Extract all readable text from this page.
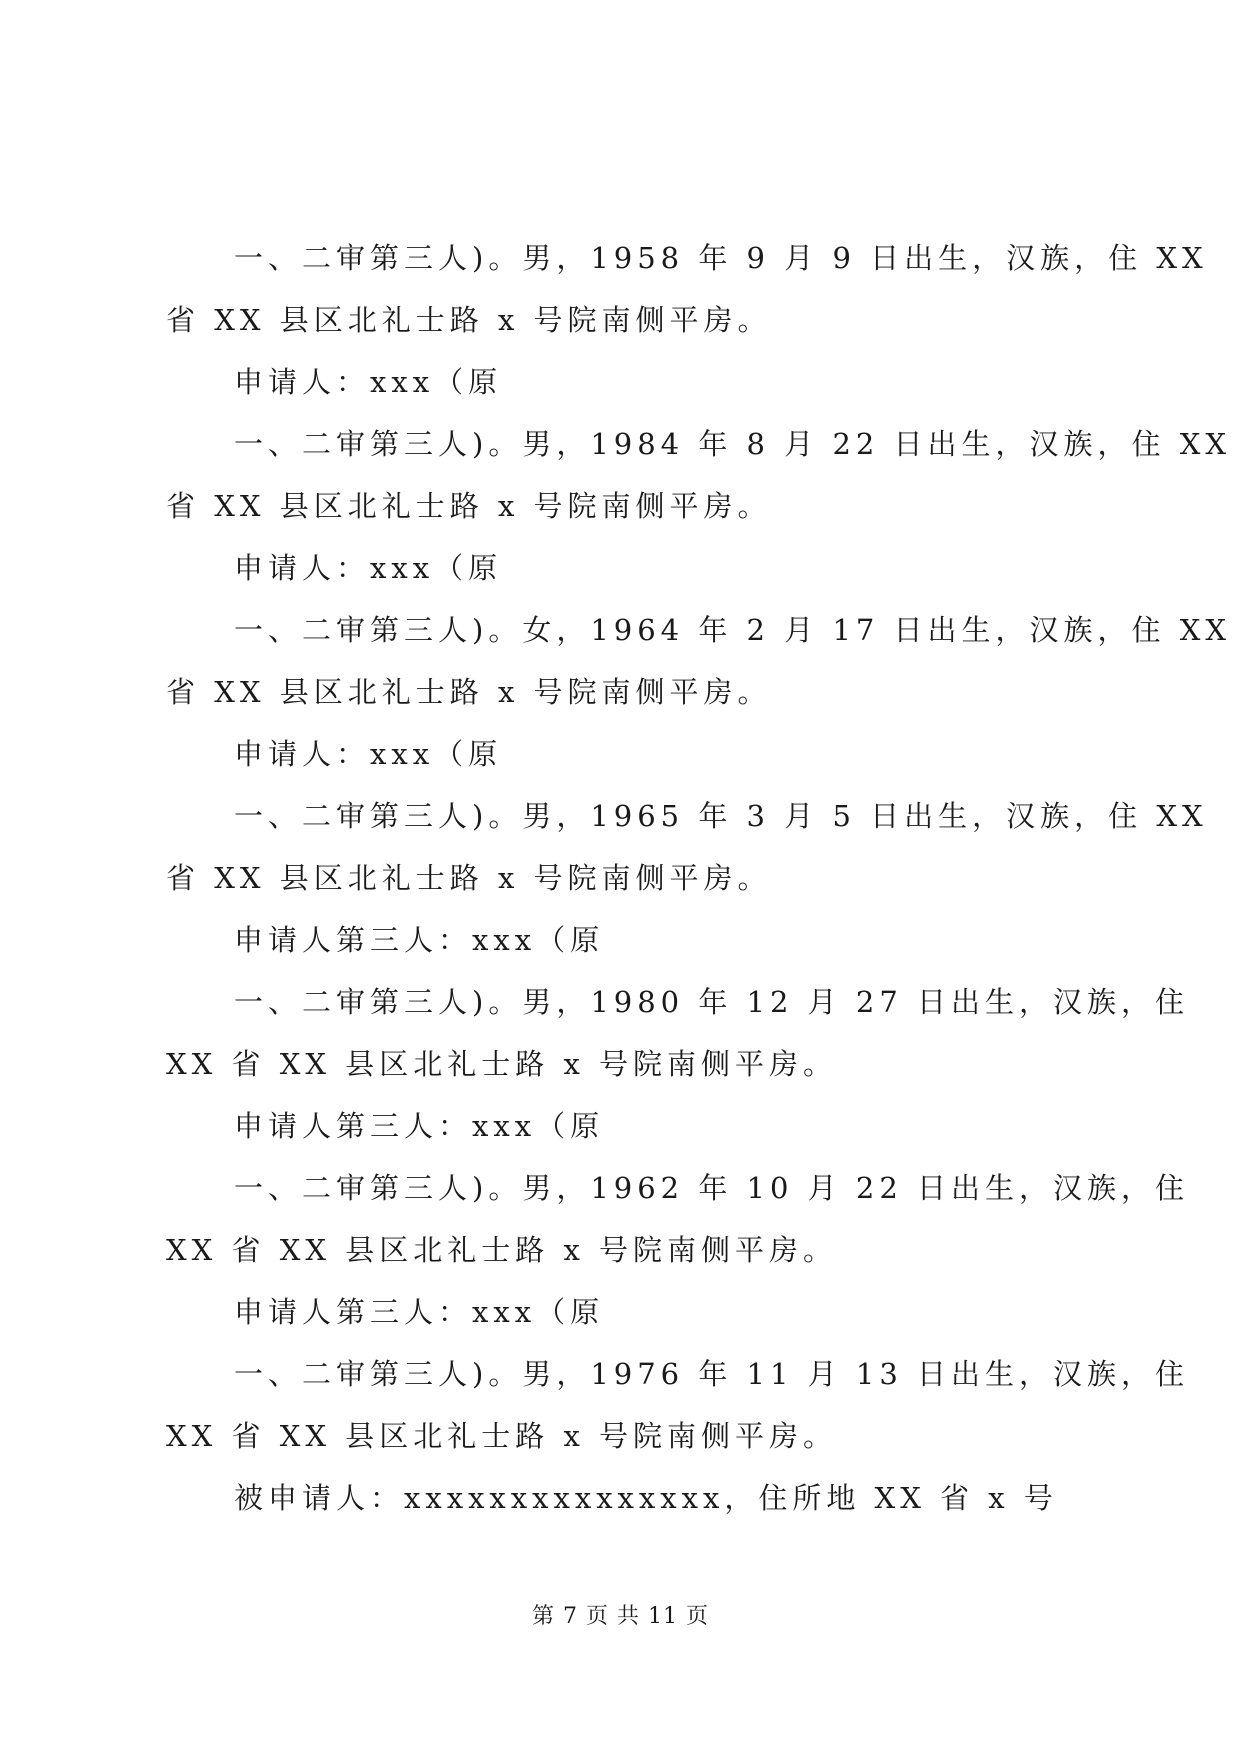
一、二审第三人)。男，1958 年 9 月 9 日出生，汉族，住 XX
省 XX 县区北礼士路 x 号院南侧平房。
申请人：xxx（原
一、二审第三人)。男，1984 年 8 月 22 日出生，汉族，住 XX
省 XX 县区北礼士路 x 号院南侧平房。
申请人：xxx（原
一、二审第三人)。女，1964 年 2 月 17 日出生，汉族，住 XX
省 XX 县区北礼士路 x 号院南侧平房。
申请人：xxx（原
一、二审第三人)。男，1965 年 3 月 5 日出生，汉族，住 XX
省 XX 县区北礼士路 x 号院南侧平房。
申请人第三人：xxx（原
一、二审第三人)。男，1980 年 12 月 27 日出生，汉族，住
XX 省 XX 县区北礼士路 x 号院南侧平房。
申请人第三人：xxx（原
一、二审第三人)。男，1962 年 10 月 22 日出生，汉族，住
XX 省 XX 县区北礼士路 x 号院南侧平房。
申请人第三人：xxx（原
一、二审第三人)。男，1976 年 11 月 13 日出生，汉族，住
XX 省 XX 县区北礼士路 x 号院南侧平房。
被申请人：xxxxxxxxxxxxxxx，住所地 XX 省 x 号
第 7 页 共 11 页
